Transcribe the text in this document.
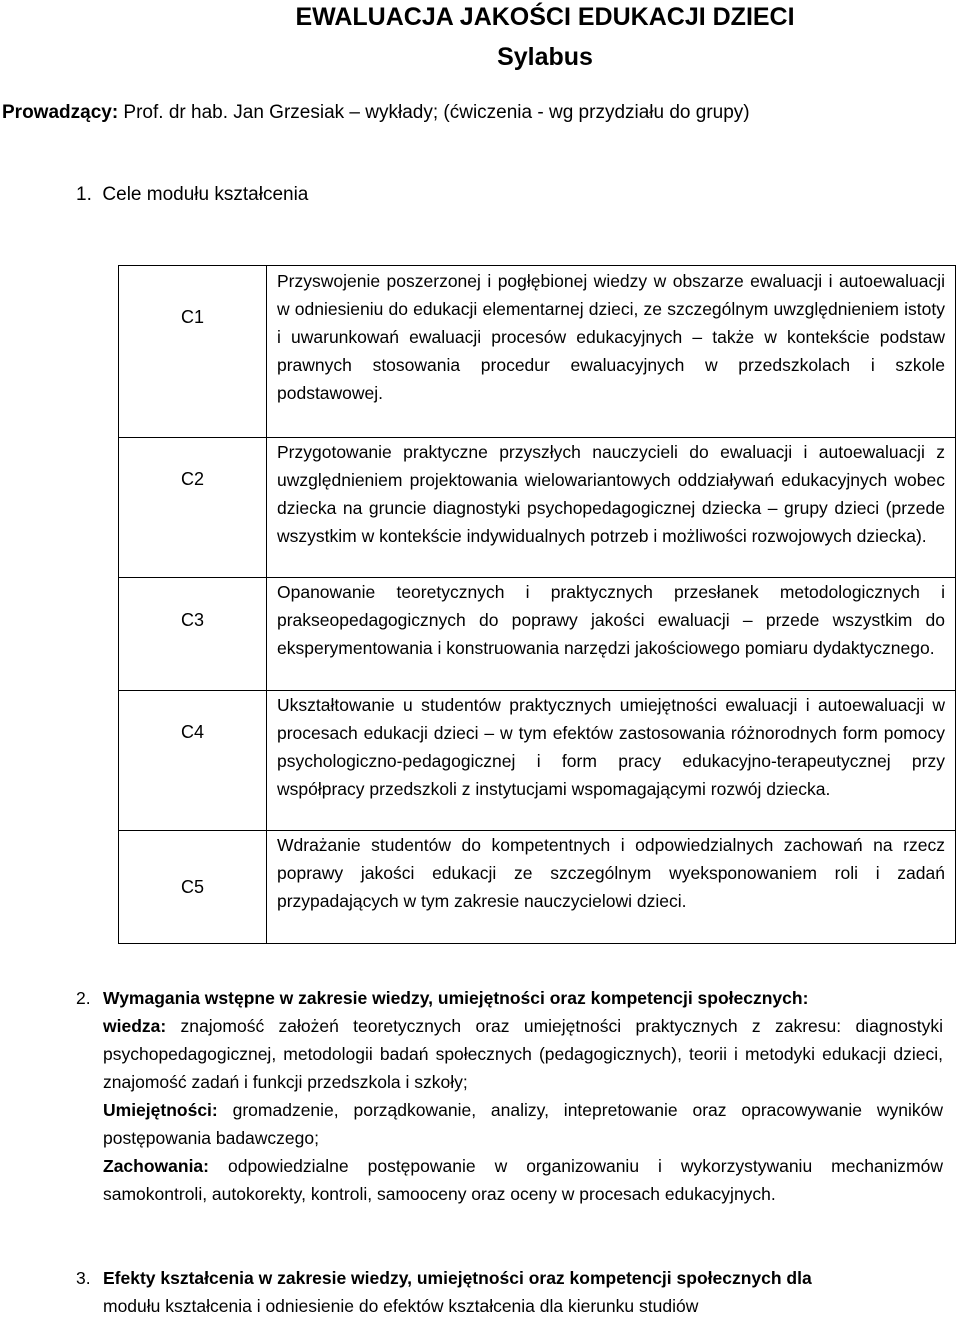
EWALUACJA JAKOŚCI EDUKACJI DZIECI
Sylabus
Prowadzący: Prof. dr hab. Jan Grzesiak – wykłady; (ćwiczenia - wg przydziału do grupy)
1. Cele modułu kształcenia
C1	Przyswojenie poszerzonej i pogłębionej wiedzy w obszarze ewaluacji i autoewaluacji w odniesieniu do edukacji elementarnej dzieci, ze szczególnym uwzględnieniem istoty i uwarunkowań ewaluacji procesów edukacyjnych – także w kontekście podstaw prawnych stosowania procedur ewaluacyjnych w przedszkolach i szkole podstawowej.
C2	Przygotowanie praktyczne przyszłych nauczycieli do ewaluacji i autoewaluacji z uwzględnieniem projektowania wielowariantowych oddziaływań edukacyjnych wobec dziecka na gruncie diagnostyki psychopedagogicznej dziecka – grupy dzieci (przede wszystkim w kontekście indywidualnych potrzeb i możliwości rozwojowych dziecka).
C3	Opanowanie teoretycznych i praktycznych przesłanek metodologicznych i prakseopedagogicznych do poprawy jakości ewaluacji – przede wszystkim do eksperymentowania i konstruowania narzędzi jakościowego pomiaru dydaktycznego.
C4	Ukształtowanie u studentów praktycznych umiejętności ewaluacji i autoewaluacji w procesach edukacji dzieci – w tym efektów zastosowania różnorodnych form pomocy psychologiczno-pedagogicznej i form pracy edukacyjno-terapeutycznej przy współpracy przedszkoli z instytucjami wspomagającymi rozwój dziecka.
C5	Wdrażanie studentów do kompetentnych i odpowiedzialnych zachowań na rzecz poprawy jakości edukacji ze szczególnym wyeksponowaniem roli i zadań przypadających w tym zakresie nauczycielowi dzieci.
2. Wymagania wstępne w zakresie wiedzy, umiejętności oraz kompetencji społecznych:
wiedza: znajomość założeń teoretycznych oraz umiejętności praktycznych z zakresu: diagnostyki psychopedagogicznej, metodologii badań społecznych (pedagogicznych), teorii i metodyki edukacji dzieci, znajomość zadań i funkcji przedszkola i szkoły;
Umiejętności: gromadzenie, porządkowanie, analizy, intepretowanie oraz opracowywanie wyników postępowania badawczego;
Zachowania: odpowiedzialne postępowanie w organizowaniu i wykorzystywaniu mechanizmów samokontroli, autokorekty, kontroli, samooceny oraz oceny w procesach edukacyjnych.
3. Efekty kształcenia w zakresie wiedzy, umiejętności oraz kompetencji społecznych dla
modułu kształcenia i odniesienie do efektów kształcenia dla kierunku studiów
